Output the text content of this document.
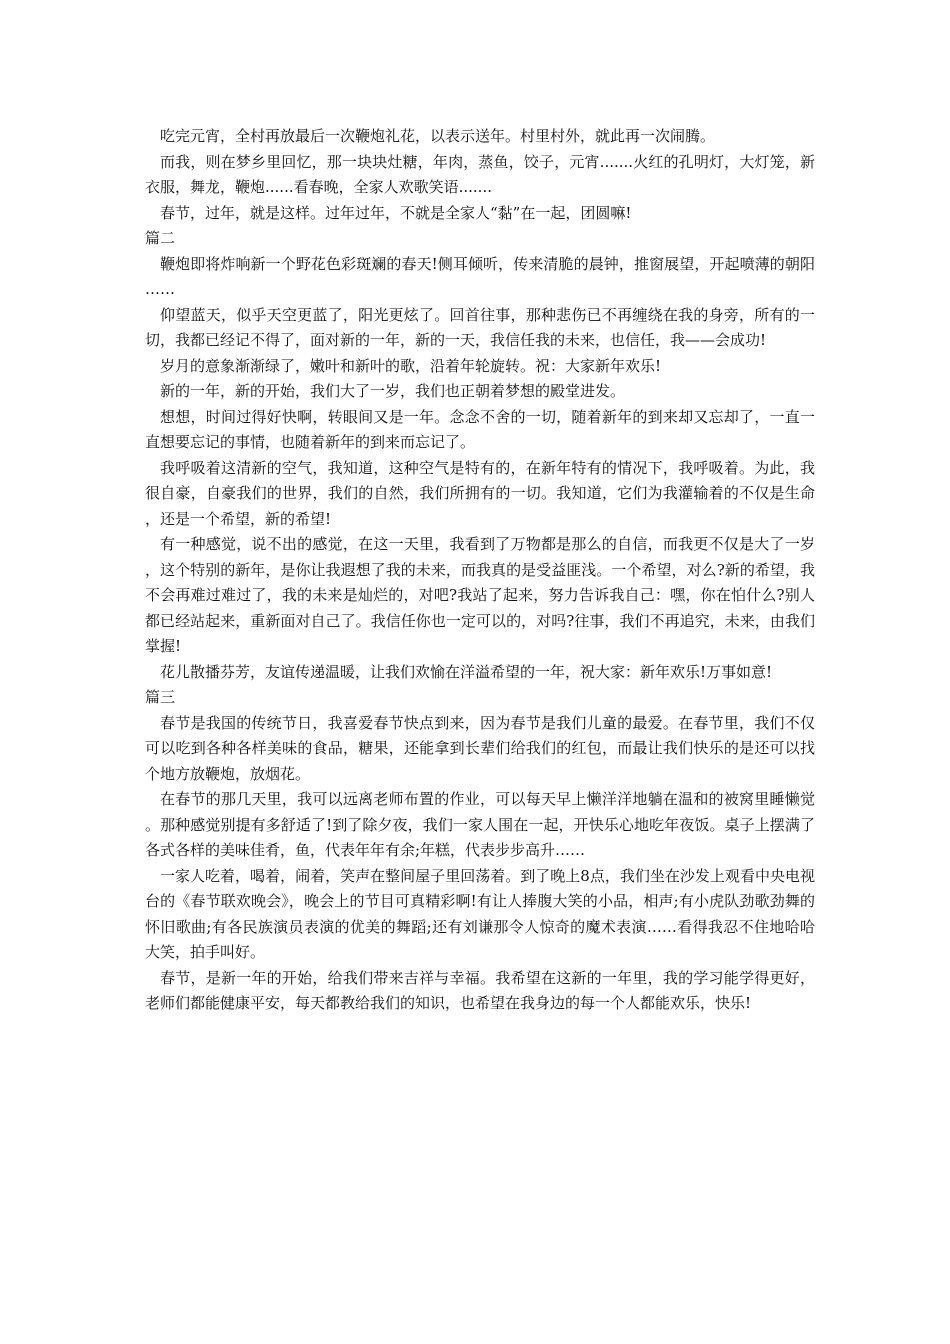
吃完元宵，全村再放最后一次鞭炮礼花，以表示送年。村里村外，就此再一次闹腾。

而我，则在梦乡里回忆，那一块块灶糖，年肉，蒸鱼，饺子，元宵.......火红的孔明灯，大灯笼，新衣服，舞龙，鞭炮......看春晚，全家人欢歌笑语.......

春节，过年，就是这样。过年过年，不就是全家人“黏”在一起，团圆嘛!

篇二

鞭炮即将炸响新一个野花色彩斑斓的春天!侧耳倾听，传来清脆的晨钟，推窗展望，开起喷薄的朝阳……

仰望蓝天，似乎天空更蓝了，阳光更炫了。回首往事，那种悲伤已不再缠绕在我的身旁，所有的一切，我都已经记不得了，面对新的一年，新的一天，我信任我的未来，也信任，我——会成功!

岁月的意象渐渐绿了，嫩叶和新叶的歌，沿着年轮旋转。祝：大家新年欢乐!

新的一年，新的开始，我们大了一岁，我们也正朝着梦想的殿堂进发。

想想，时间过得好快啊，转眼间又是一年。念念不舍的一切，随着新年的到来却又忘却了，一直一直想要忘记的事情，也随着新年的到来而忘记了。

我呼吸着这清新的空气，我知道，这种空气是特有的，在新年特有的情况下，我呼吸着。为此，我很自豪，自豪我们的世界，我们的自然，我们所拥有的一切。我知道，它们为我灌输着的不仅是生命，还是一个希望，新的希望!

有一种感觉，说不出的感觉，在这一天里，我看到了万物都是那么的自信，而我更不仅是大了一岁，这个特别的新年，是你让我遐想了我的未来，而我真的是受益匪浅。一个希望，对么?新的希望，我不会再难过难过了，我的未来是灿烂的，对吧?我站了起来，努力告诉我自己：嘿，你在怕什么?别人都已经站起来，重新面对自己了。我信任你也一定可以的，对吗?往事，我们不再追究，未来，由我们掌握!

花儿散播芬芳，友谊传递温暖，让我们欢愉在洋溢希望的一年，祝大家：新年欢乐!万事如意!

篇三

春节是我国的传统节日，我喜爱春节快点到来，因为春节是我们儿童的最爱。在春节里，我们不仅可以吃到各种各样美味的食品，糖果，还能拿到长辈们给我们的红包，而最让我们快乐的是还可以找个地方放鞭炮，放烟花。

在春节的那几天里，我可以远离老师布置的作业，可以每天早上懒洋洋地躺在温和的被窝里睡懒觉。那种感觉别提有多舒适了!到了除夕夜，我们一家人围在一起，开快乐心地吃年夜饭。桌子上摆满了各式各样的美味佳肴，鱼，代表年年有余;年糕，代表步步高升……

一家人吃着，喝着，闹着，笑声在整间屋子里回荡着。到了晚上8点，我们坐在沙发上观看中央电视台的《春节联欢晚会》，晚会上的节目可真精彩啊!有让人捧腹大笑的小品，相声;有小虎队劲歌劲舞的怀旧歌曲;有各民族演员表演的优美的舞蹈;还有刘谦那令人惊奇的魔术表演……看得我忍不住地哈哈大笑，拍手叫好。

春节，是新一年的开始，给我们带来吉祥与幸福。我希望在这新的一年里，我的学习能学得更好，老师们都能健康平安，每天都教给我们的知识，也希望在我身边的每一个人都能欢乐，快乐!
